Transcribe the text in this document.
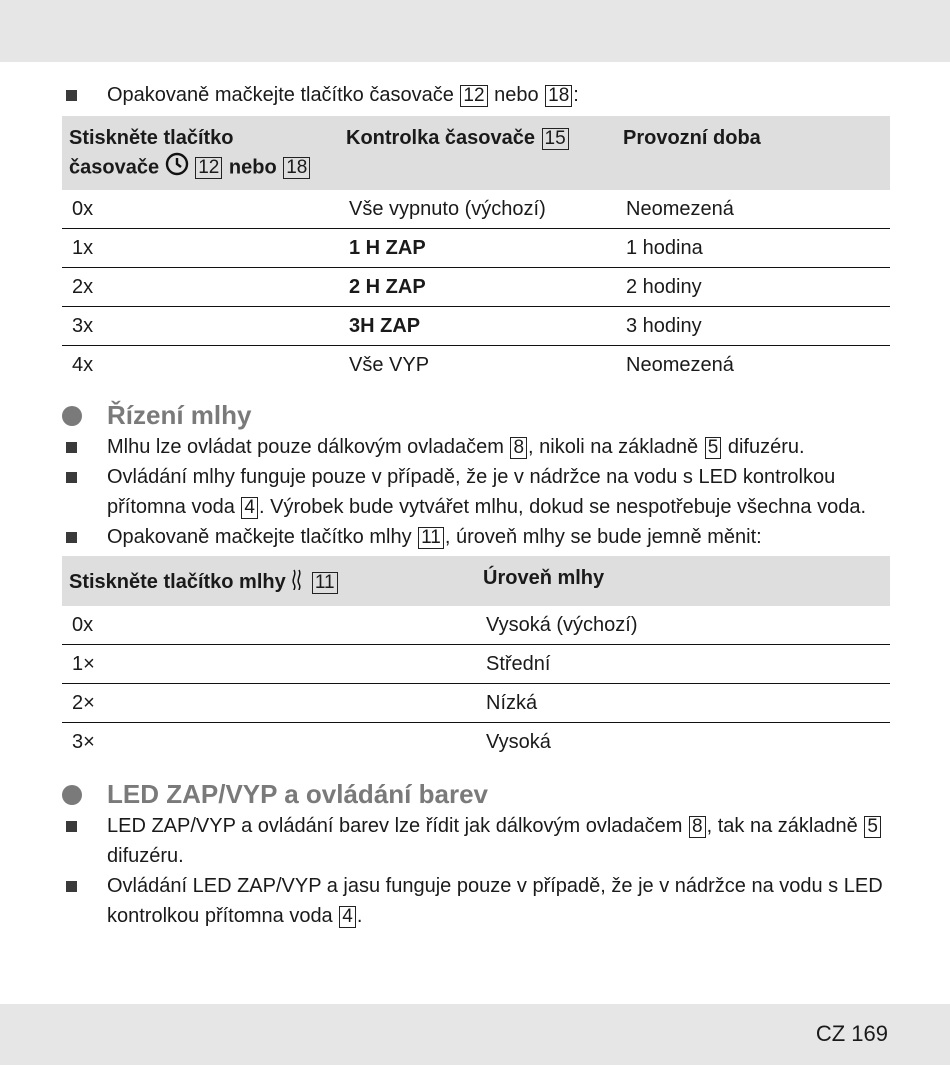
Opakovaně mačkejte tlačítko časovače 12 nebo 18 :
Stiskněte tlačítko
časovače  12 nebo 18	Kontrolka časovače 15	Provozní doba
0x	Vše vypnuto (výchozí)	Neomezená
1x	1 H ZAP	1 hodina
2x	2 H ZAP	2 hodiny
3x	3H ZAP	3 hodiny
4x	Vše VYP	Neomezená
Řízení mlhy
Mlhu lze ovládat pouze dálkovým ovladačem 8 , nikoli na základně 5 difuzéru.
Ovládání mlhy funguje pouze v případě, že je v nádržce na vodu s LED kontrolkou přítomna voda 4 . Výrobek bude vytvářet mlhu, dokud se nespotřebuje všechna voda.
Opakovaně mačkejte tlačítko mlhy 11 , úroveň mlhy se bude jemně měnit:
Stiskněte tlačítko mlhy  11	Úroveň mlhy
0x	Vysoká (výchozí)
1×	Střední
2×	Nízká
3×	Vysoká
LED ZAP/VYP a ovládání barev
LED ZAP/VYP a ovládání barev lze řídit jak dálkovým ovladačem 8 , tak na základně 5 difuzéru.
Ovládání LED ZAP/VYP a jasu funguje pouze v případě, že je v nádržce na vodu s LED kontrolkou přítomna voda 4 .
CZ 169
